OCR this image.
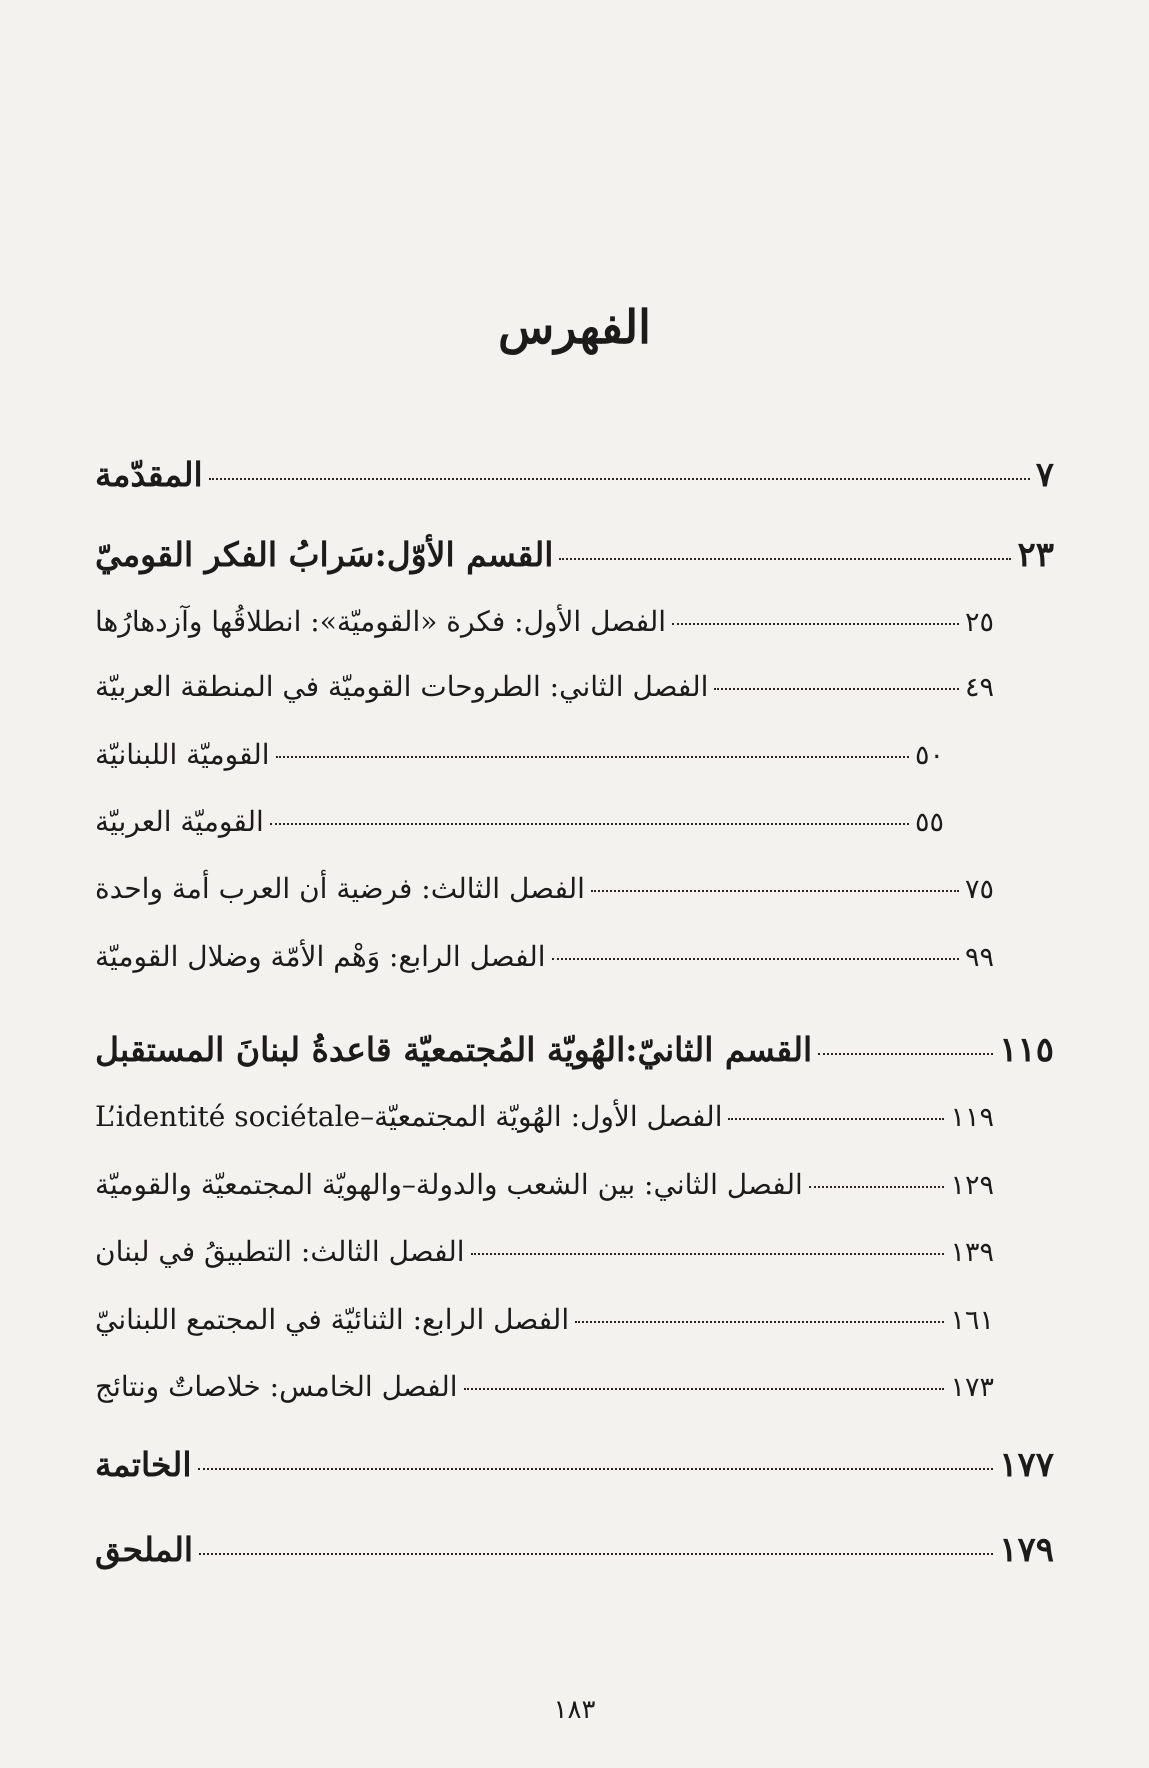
الفهرس
المقدّمة	٧
القسم الأوّل:سَرابُ الفكر القوميّ	٢٣
الفصل الأول: فكرة «القوميّة»: انطلاقُها وآزدهارُها	٢٥
الفصل الثاني: الطروحات القوميّة في المنطقة العربيّة	٤٩
القوميّة اللبنانيّة	٥٠
القوميّة العربيّة	٥٥
الفصل الثالث: فرضية أن العرب أمة واحدة	٧٥
الفصل الرابع: وَهْم الأمّة وضلال القوميّة	٩٩
القسم الثانيّ:الهُويّة المُجتمعيّة قاعدةُ لبنانَ المستقبل	١١٥
الفصل الأول: الهُويّة المجتمعيّة–L’identité sociétale	١١٩
الفصل الثاني: بين الشعب والدولة–والهويّة المجتمعيّة والقوميّة	١٢٩
الفصل الثالث: التطبيقُ في لبنان	١٣٩
الفصل الرابع: الثنائيّة في المجتمع اللبنانيّ	١٦١
الفصل الخامس: خلاصاتٌ ونتائج	١٧٣
الخاتمة	١٧٧
الملحق	١٧٩
١٨٣
